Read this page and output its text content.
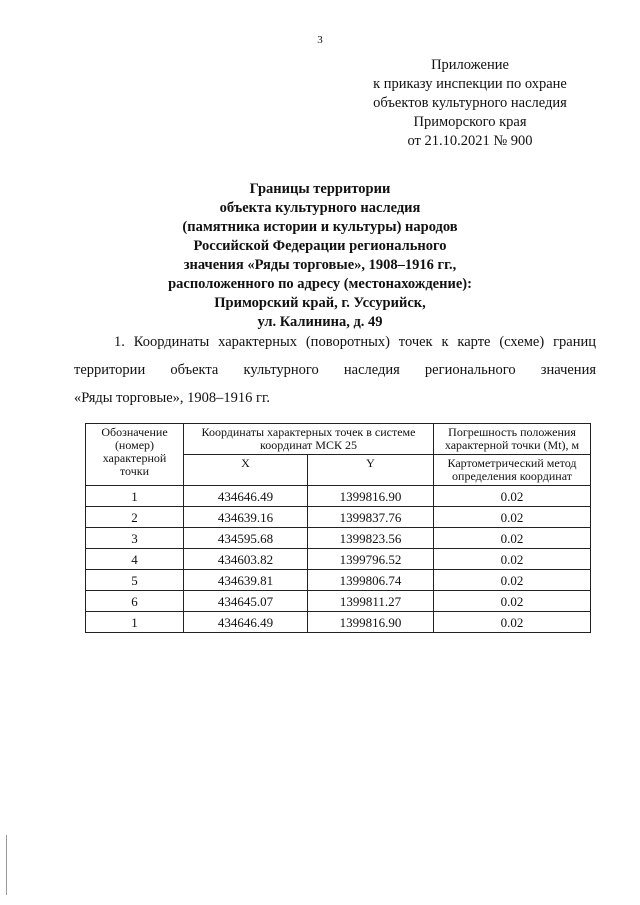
3
Приложение
к приказу инспекции по охране
объектов культурного наследия
Приморского края
от 21.10.2021 № 900
Границы территории
объекта культурного наследия
(памятника истории и культуры) народов
Российской Федерации регионального
значения «Ряды торговые», 1908–1916 гг.,
расположенного по адресу (местонахождение):
Приморский край, г. Уссурийск,
ул. Калинина, д. 49
1. Координаты характерных (поворотных) точек к карте (схеме) границ
территории объекта культурного наследия регионального значения
«Ряды торговые», 1908–1916 гг.
Обозначение (номер) характерной точки	Координаты характерных точек в системе координат МСК 25		Погрешность положения характерной точки (Mt), м
	X	Y	Картометрический метод определения координат
1	434646.49	1399816.90	0.02
2	434639.16	1399837.76	0.02
3	434595.68	1399823.56	0.02
4	434603.82	1399796.52	0.02
5	434639.81	1399806.74	0.02
6	434645.07	1399811.27	0.02
1	434646.49	1399816.90	0.02
